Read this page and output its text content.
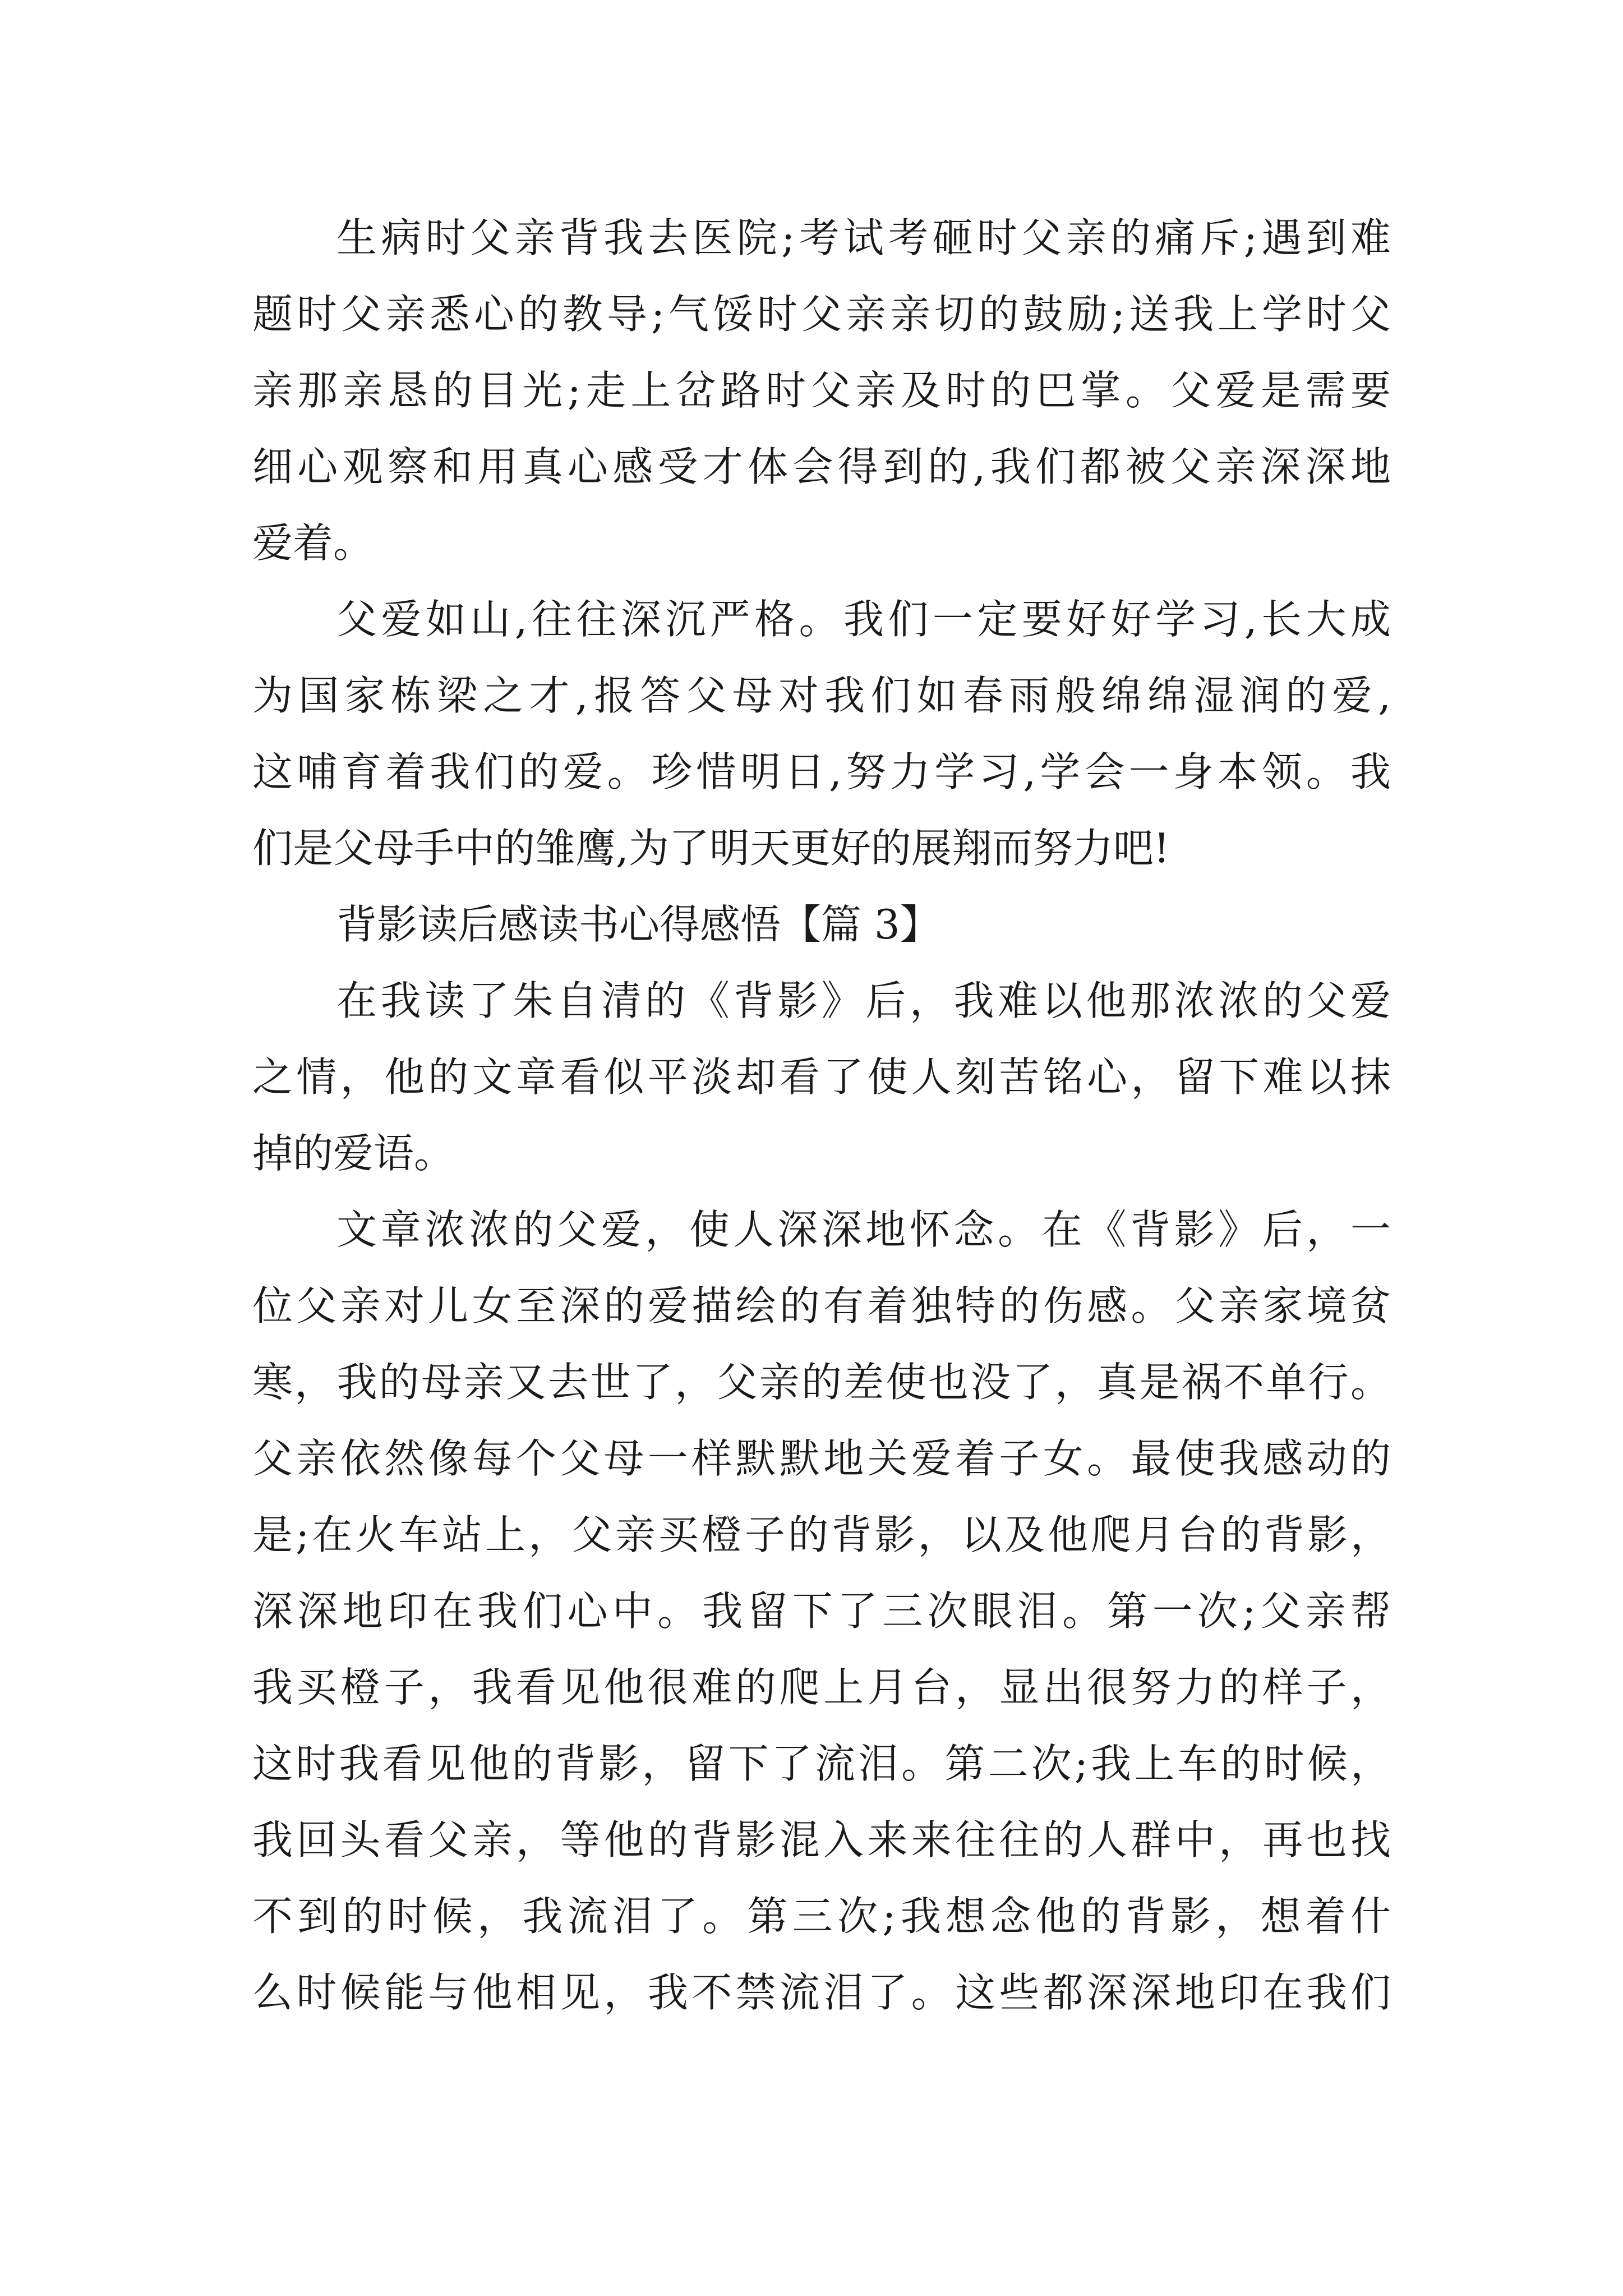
生病时父亲背我去医院;考试考砸时父亲的痛斥;遇到难
题时父亲悉心的教导;气馁时父亲亲切的鼓励;送我上学时父
亲那亲恳的目光;走上岔路时父亲及时的巴掌。父爱是需要
细心观察和用真心感受才体会得到的,我们都被父亲深深地
爱着。
父爱如山,往往深沉严格。我们一定要好好学习,长大成
为国家栋梁之才,报答父母对我们如春雨般绵绵湿润的爱,
这哺育着我们的爱。珍惜明日,努力学习,学会一身本领。我
们是父母手中的雏鹰,为了明天更好的展翔而努力吧!
背影读后感读书心得感悟【篇 3】
在我读了朱自清的《背影》后，我难以他那浓浓的父爱
之情，他的文章看似平淡却看了使人刻苦铭心，留下难以抹
掉的爱语。
文章浓浓的父爱，使人深深地怀念。在《背影》后，一
位父亲对儿女至深的爱描绘的有着独特的伤感。父亲家境贫
寒，我的母亲又去世了，父亲的差使也没了，真是祸不单行。
父亲依然像每个父母一样默默地关爱着子女。最使我感动的
是;在火车站上，父亲买橙子的背影，以及他爬月台的背影，
深深地印在我们心中。我留下了三次眼泪。第一次;父亲帮
我买橙子，我看见他很难的爬上月台，显出很努力的样子，
这时我看见他的背影，留下了流泪。第二次;我上车的时候，
我回头看父亲，等他的背影混入来来往往的人群中，再也找
不到的时候，我流泪了。第三次;我想念他的背影，想着什
么时候能与他相见，我不禁流泪了。这些都深深地印在我们
